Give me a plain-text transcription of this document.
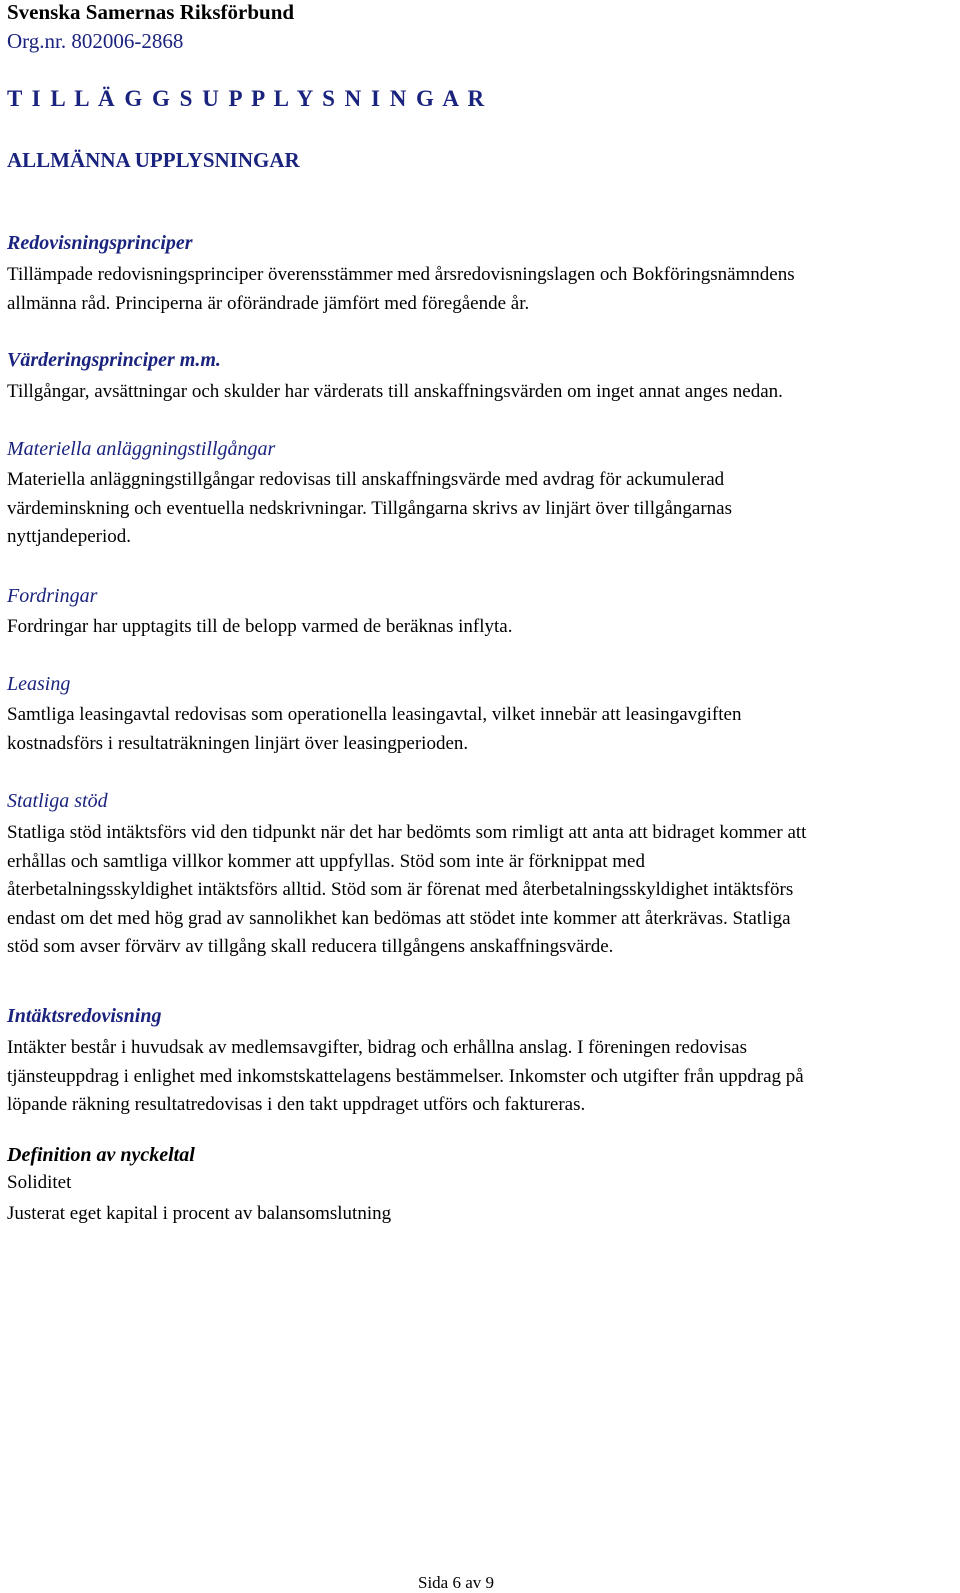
Svenska Samernas Riksförbund
Org.nr. 802006-2868
T I L L Ä G G S U P P L Y S N I N G A R
ALLMÄNNA UPPLYSNINGAR
Redovisningsprinciper
Tillämpade redovisningsprinciper överensstämmer med årsredovisningslagen och Bokföringsnämndens
allmänna råd. Principerna är oförändrade jämfört med föregående år.
Värderingsprinciper m.m.
Tillgångar, avsättningar och skulder har värderats till anskaffningsvärden om inget annat anges nedan.
Materiella anläggningstillgångar
Materiella anläggningstillgångar redovisas till anskaffningsvärde med avdrag för ackumulerad
värdeminskning och eventuella nedskrivningar. Tillgångarna skrivs av linjärt över tillgångarnas
nyttjandeperiod.
Fordringar
Fordringar har upptagits till de belopp varmed de beräknas inflyta.
Leasing
Samtliga leasingavtal redovisas som operationella leasingavtal, vilket innebär att leasingavgiften
kostnadsförs i resultaträkningen linjärt över leasingperioden.
Statliga stöd
Statliga stöd intäktsförs vid den tidpunkt när det har bedömts som rimligt att anta att bidraget kommer att
erhållas och samtliga villkor kommer att uppfyllas. Stöd som inte är förknippat med
återbetalningsskyldighet intäktsförs alltid. Stöd som är förenat med återbetalningsskyldighet intäktsförs
endast om det med hög grad av sannolikhet kan bedömas att stödet inte kommer att återkrävas. Statliga
stöd som avser förvärv av tillgång skall reducera tillgångens anskaffningsvärde.
Intäktsredovisning
Intäkter består i huvudsak av medlemsavgifter, bidrag och erhållna anslag. I föreningen redovisas
tjänsteuppdrag i enlighet med inkomstskattelagens bestämmelser. Inkomster och utgifter från uppdrag på
löpande räkning resultatredovisas i den takt uppdraget utförs och faktureras.
Definition av nyckeltal
Soliditet
Justerat eget kapital i procent av balansomslutning
Sida 6 av 9
